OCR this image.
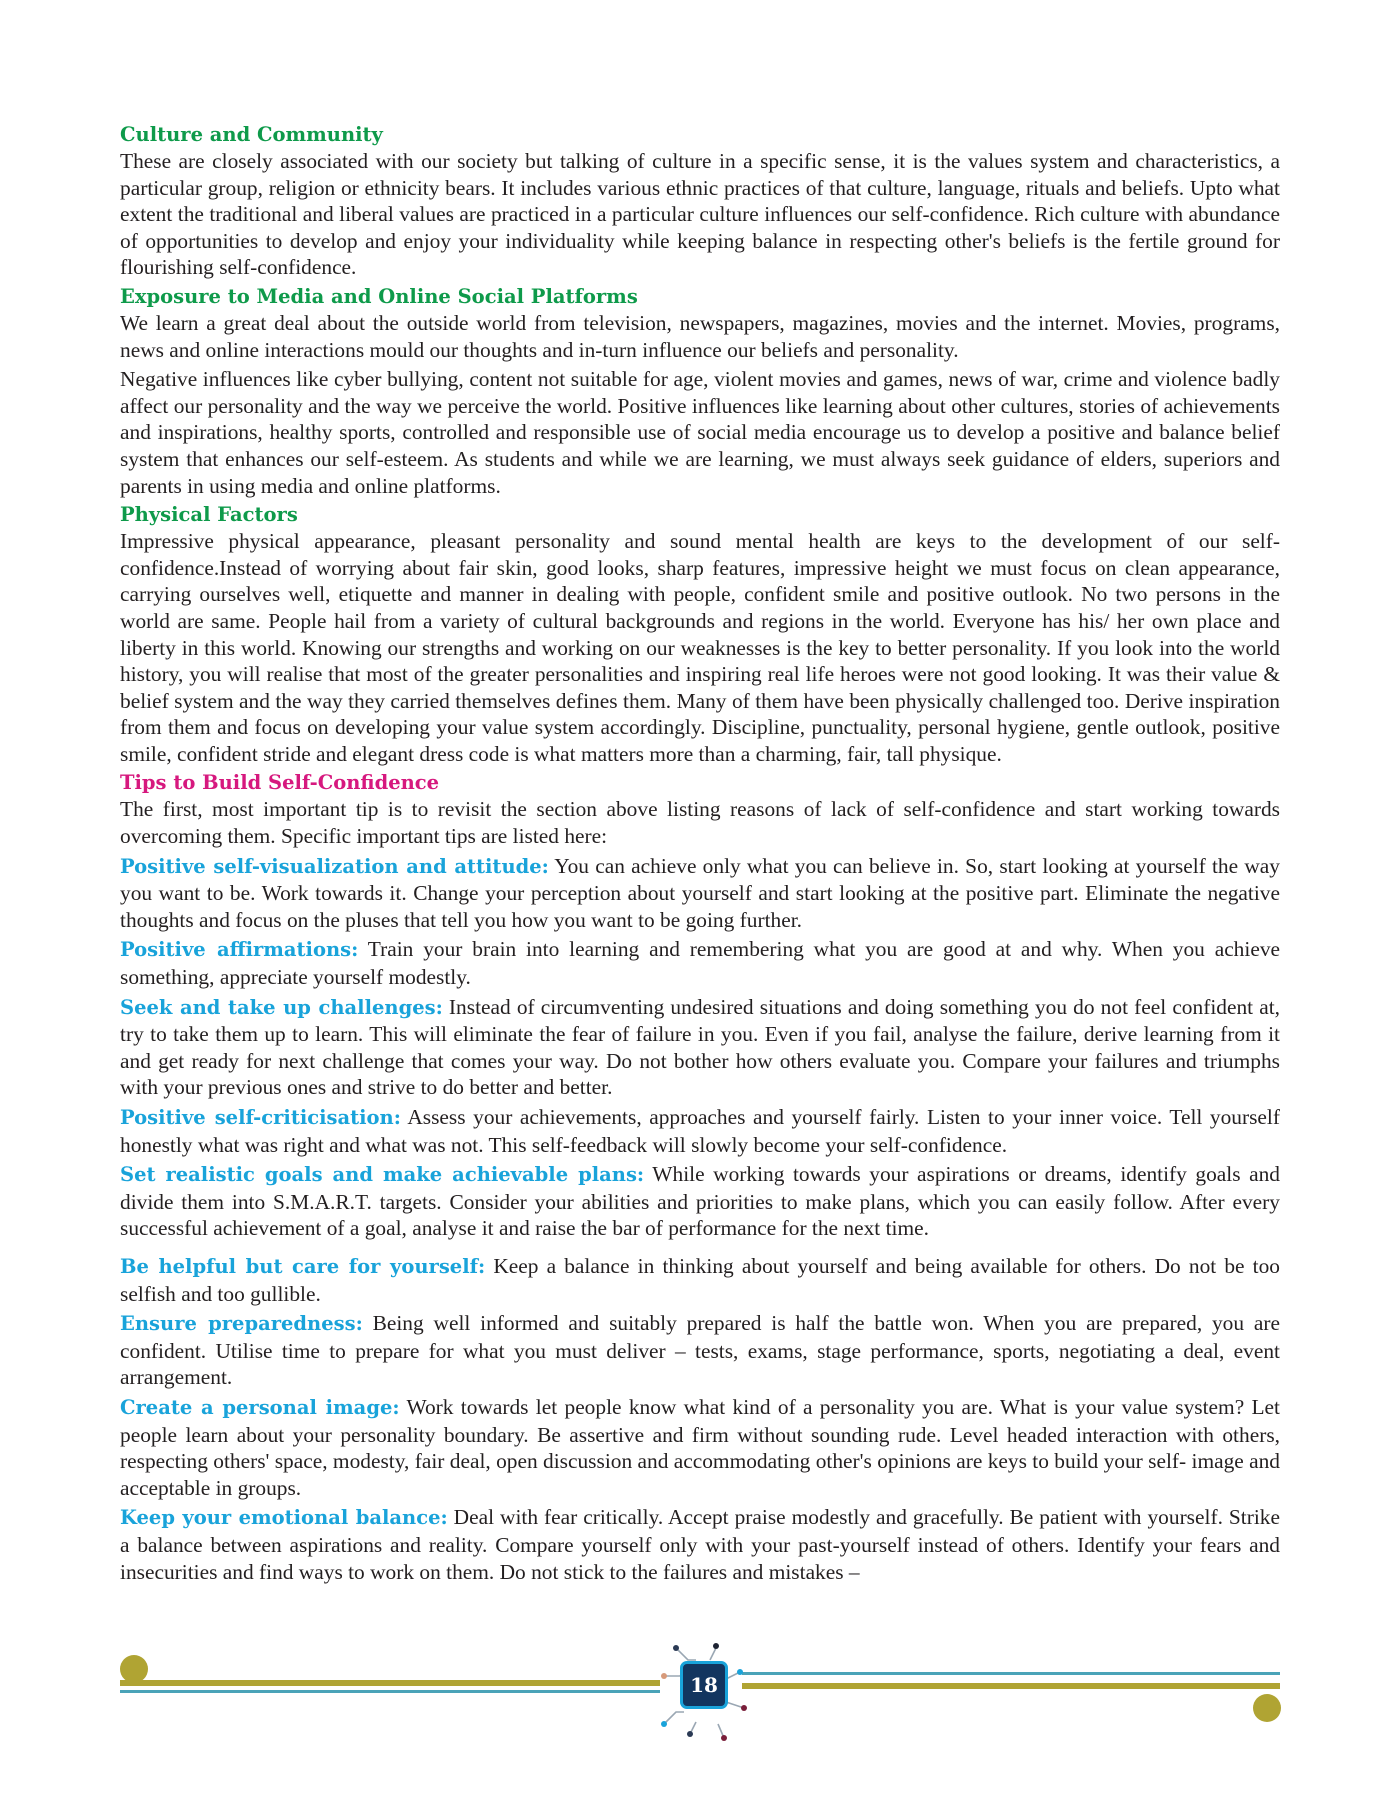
Culture and Community

These are closely associated with our society but talking of culture in a specific sense, it is the values system and characteristics, a particular group, religion or ethnicity bears. It includes various ethnic practices of that culture, language, rituals and beliefs. Upto what extent the traditional and liberal values are practiced in a particular culture influences our self-confidence. Rich culture with abundance of opportunities to develop and enjoy your individuality while keeping balance in respecting other's beliefs is the fertile ground for flourishing self-confidence.

Exposure to Media and Online Social Platforms

We learn a great deal about the outside world from television, newspapers, magazines, movies and the internet. Movies, programs, news and online interactions mould our thoughts and in-turn influence our beliefs and personality.

Negative influences like cyber bullying, content not suitable for age, violent movies and games, news of war, crime and violence badly affect our personality and the way we perceive the world. Positive influences like learning about other cultures, stories of achievements and inspirations, healthy sports, controlled and responsible use of social media encourage us to develop a positive and balance belief system that enhances our self-esteem. As students and while we are learning, we must always seek guidance of elders, superiors and parents in using media and online platforms.

Physical Factors

Impressive physical appearance, pleasant personality and sound mental health are keys to the development of our self-confidence.Instead of worrying about fair skin, good looks, sharp features, impressive height we must focus on clean appearance, carrying ourselves well, etiquette and manner in dealing with people, confident smile and positive outlook. No two persons in the world are same. People hail from a variety of cultural backgrounds and regions in the world. Everyone has his/ her own place and liberty in this world. Knowing our strengths and working on our weaknesses is the key to better personality. If you look into the world history, you will realise that most of the greater personalities and inspiring real life heroes were not good looking. It was their value & belief system and the way they carried themselves defines them. Many of them have been physically challenged too. Derive inspiration from them and focus on developing your value system accordingly. Discipline, punctuality, personal hygiene, gentle outlook, positive smile, confident stride and elegant dress code is what matters more than a charming, fair, tall physique.

Tips to Build Self-Confidence

The first, most important tip is to revisit the section above listing reasons of lack of self-confidence and start working towards overcoming them. Specific important tips are listed here:

Positive self-visualization and attitude: You can achieve only what you can believe in. So, start looking at yourself the way you want to be. Work towards it. Change your perception about yourself and start looking at the positive part. Eliminate the negative thoughts and focus on the pluses that tell you how you want to be going further.

Positive affirmations: Train your brain into learning and remembering what you are good at and why. When you achieve something, appreciate yourself modestly.

Seek and take up challenges: Instead of circumventing undesired situations and doing something you do not feel confident at, try to take them up to learn. This will eliminate the fear of failure in you. Even if you fail, analyse the failure, derive learning from it and get ready for next challenge that comes your way. Do not bother how others evaluate you. Compare your failures and triumphs with your previous ones and strive to do better and better.

Positive self-criticisation: Assess your achievements, approaches and yourself fairly. Listen to your inner voice. Tell yourself honestly what was right and what was not. This self-feedback will slowly become your self-confidence.

Set realistic goals and make achievable plans: While working towards your aspirations or dreams, identify goals and divide them into S.M.A.R.T. targets. Consider your abilities and priorities to make plans, which you can easily follow. After every successful achievement of a goal, analyse it and raise the bar of performance for the next time.

Be helpful but care for yourself: Keep a balance in thinking about yourself and being available for others. Do not be too selfish and too gullible.

Ensure preparedness: Being well informed and suitably prepared is half the battle won. When you are prepared, you are confident. Utilise time to prepare for what you must deliver – tests, exams, stage performance, sports, negotiating a deal, event arrangement.

Create a personal image: Work towards let people know what kind of a personality you are. What is your value system? Let people learn about your personality boundary. Be assertive and firm without sounding rude. Level headed interaction with others, respecting others' space, modesty, fair deal, open discussion and accommodating other's opinions are keys to build your self- image and acceptable in groups.

Keep your emotional balance: Deal with fear critically. Accept praise modestly and gracefully. Be patient with yourself. Strike a balance between aspirations and reality. Compare yourself only with your past-yourself instead of others. Identify your fears and insecurities and find ways to work on them. Do not stick to the failures and mistakes –

18
